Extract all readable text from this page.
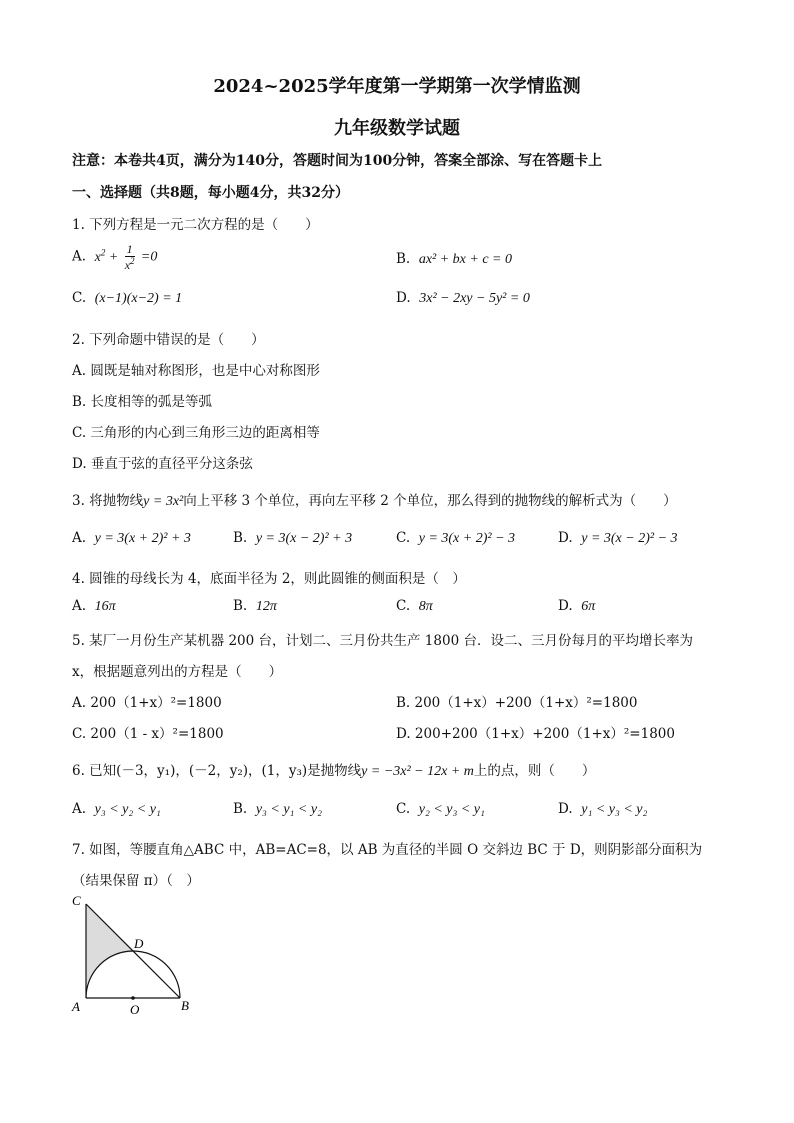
2024~2025学年度第一学期第一次学情监测
九年级数学试题
注意：本卷共4页，满分为140分，答题时间为100分钟，答案全部涂、写在答题卡上
一、选择题（共8题，每小题4分，共32分）
1. 下列方程是一元二次方程的是（　　）
A. $x^2 + \frac{1}{x^2} =0$	B. ax² + bx + c = 0
C. (x−1)(x−2) = 1	D. 3x² − 2xy − 5y² = 0
2. 下列命题中错误的是（　　）
A. 圆既是轴对称图形，也是中心对称图形
B. 长度相等的弧是等弧
C. 三角形的内心到三角形三边的距离相等
D. 垂直于弦的直径平分这条弦
3. 将抛物线y = 3x²向上平移 3 个单位，再向左平移 2 个单位，那么得到的抛物线的解析式为（　　）
A. y = 3(x + 2)² + 3	B. y = 3(x − 2)² + 3	C. y = 3(x + 2)² − 3	D. y = 3(x − 2)² − 3
4. 圆锥的母线长为 4，底面半径为 2，则此圆锥的侧面积是（　）
A. 16π	B. 12π	C. 8π	D. 6π
5. 某厂一月份生产某机器 200 台，计划二、三月份共生产 1800 台．设二、三月份每月的平均增长率为
x，根据题意列出的方程是（　　）
A. 200（1+x）²=1800	B. 200（1+x）+200（1+x）²=1800
C. 200（1 - x）²=1800	D. 200+200（1+x）+200（1+x）²=1800
6. 已知(－3，y₁)，(－2，y₂)，(1，y₃)是抛物线y = −3x² − 12x + m上的点，则（　　）
A. y₃ < y₂ < y₁	B. y₃ < y₁ < y₂	C. y₂ < y₃ < y₁	D. y₁ < y₃ < y₂
7. 如图，等腰直角△ABC 中，AB=AC=8，以 AB 为直径的半圆 O 交斜边 BC 于 D，则阴影部分面积为
（结果保留 π）（　）
C
D
A	O	B
